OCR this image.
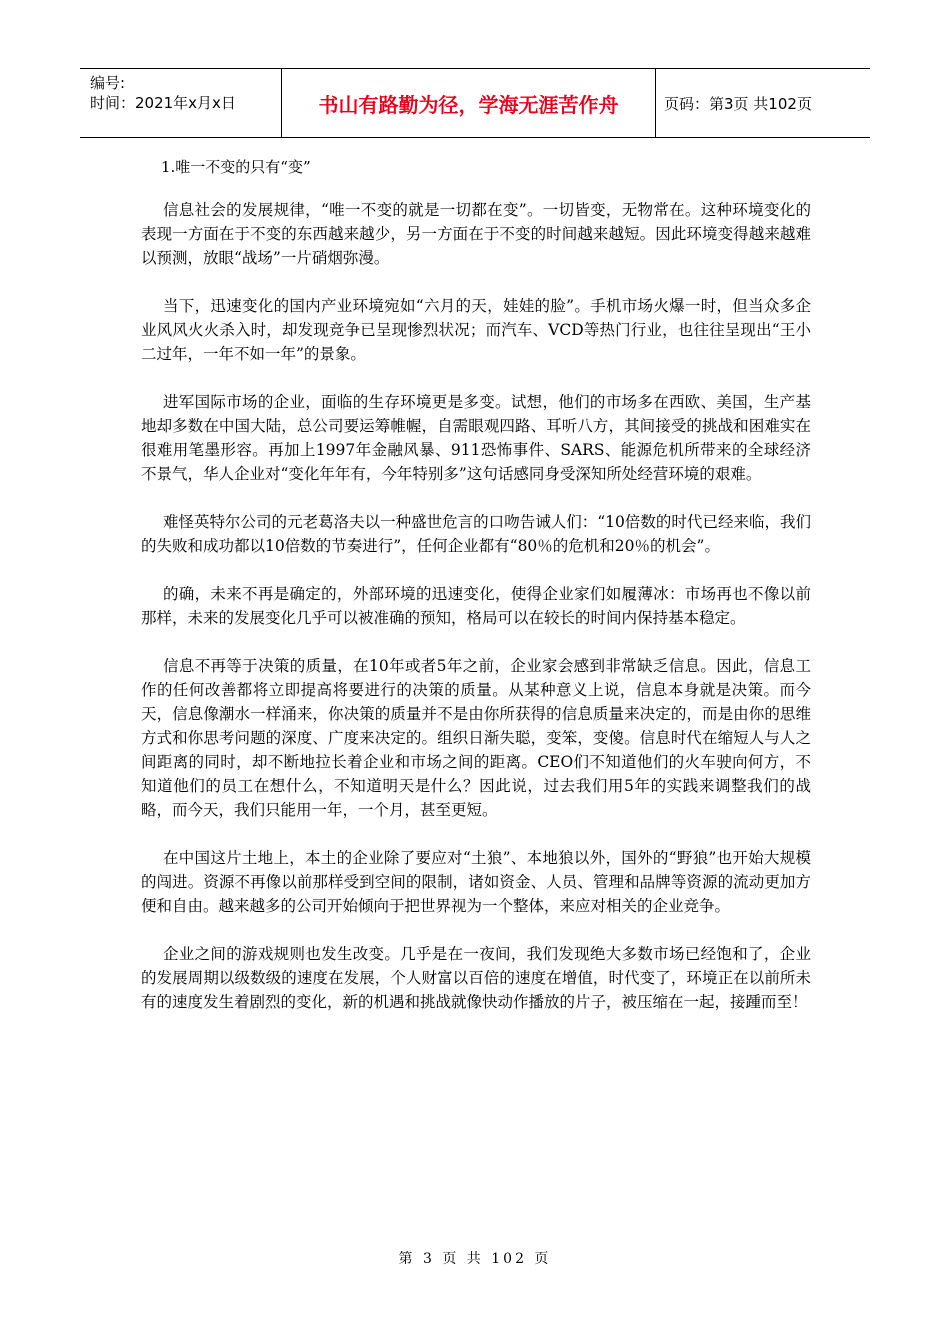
编号:
时间：2021年x月x日	书山有路勤为径，学海无涯苦作舟	页码：第3页 共102页
1.唯一不变的只有“变”

信息社会的发展规律，“唯一不变的就是一切都在变”。一切皆变，无物常在。这种环境变化的表现一方面在于不变的东西越来越少，另一方面在于不变的时间越来越短。因此环境变得越来越难以预测，放眼“战场”一片硝烟弥漫。

当下，迅速变化的国内产业环境宛如“六月的天，娃娃的脸”。手机市场火爆一时，但当众多企业风风火火杀入时，却发现竞争已呈现惨烈状况；而汽车、VCD等热门行业，也往往呈现出“王小二过年，一年不如一年”的景象。

进军国际市场的企业，面临的生存环境更是多变。试想，他们的市场多在西欧、美国，生产基地却多数在中国大陆，总公司要运筹帷幄，自需眼观四路、耳听八方，其间接受的挑战和困难实在很难用笔墨形容。再加上1997年金融风暴、911恐怖事件、SARS、能源危机所带来的全球经济不景气，华人企业对“变化年年有，今年特别多”这句话感同身受深知所处经营环境的艰难。

难怪英特尔公司的元老葛洛夫以一种盛世危言的口吻告诫人们：“10倍数的时代已经来临，我们的失败和成功都以10倍数的节奏进行”，任何企业都有“80％的危机和20％的机会”。

的确，未来不再是确定的，外部环境的迅速变化，使得企业家们如履薄冰：市场再也不像以前那样，未来的发展变化几乎可以被准确的预知，格局可以在较长的时间内保持基本稳定。

信息不再等于决策的质量，在10年或者5年之前，企业家会感到非常缺乏信息。因此，信息工作的任何改善都将立即提高将要进行的决策的质量。从某种意义上说，信息本身就是决策。而今天，信息像潮水一样涌来，你决策的质量并不是由你所获得的信息质量来决定的，而是由你的思维方式和你思考问题的深度、广度来决定的。组织日渐失聪，变笨，变傻。信息时代在缩短人与人之间距离的同时，却不断地拉长着企业和市场之间的距离。CEO们不知道他们的火车驶向何方，不知道他们的员工在想什么，不知道明天是什么？因此说，过去我们用5年的实践来调整我们的战略，而今天，我们只能用一年，一个月，甚至更短。

在中国这片土地上，本土的企业除了要应对“土狼”、本地狼以外，国外的“野狼”也开始大规模的闯进。资源不再像以前那样受到空间的限制，诸如资金、人员、管理和品牌等资源的流动更加方便和自由。越来越多的公司开始倾向于把世界视为一个整体，来应对相关的企业竞争。

企业之间的游戏规则也发生改变。几乎是在一夜间，我们发现绝大多数市场已经饱和了，企业的发展周期以级数级的速度在发展，个人财富以百倍的速度在增值，时代变了，环境正在以前所未有的速度发生着剧烈的变化，新的机遇和挑战就像快动作播放的片子，被压缩在一起，接踵而至！

第 3 页 共 102 页
